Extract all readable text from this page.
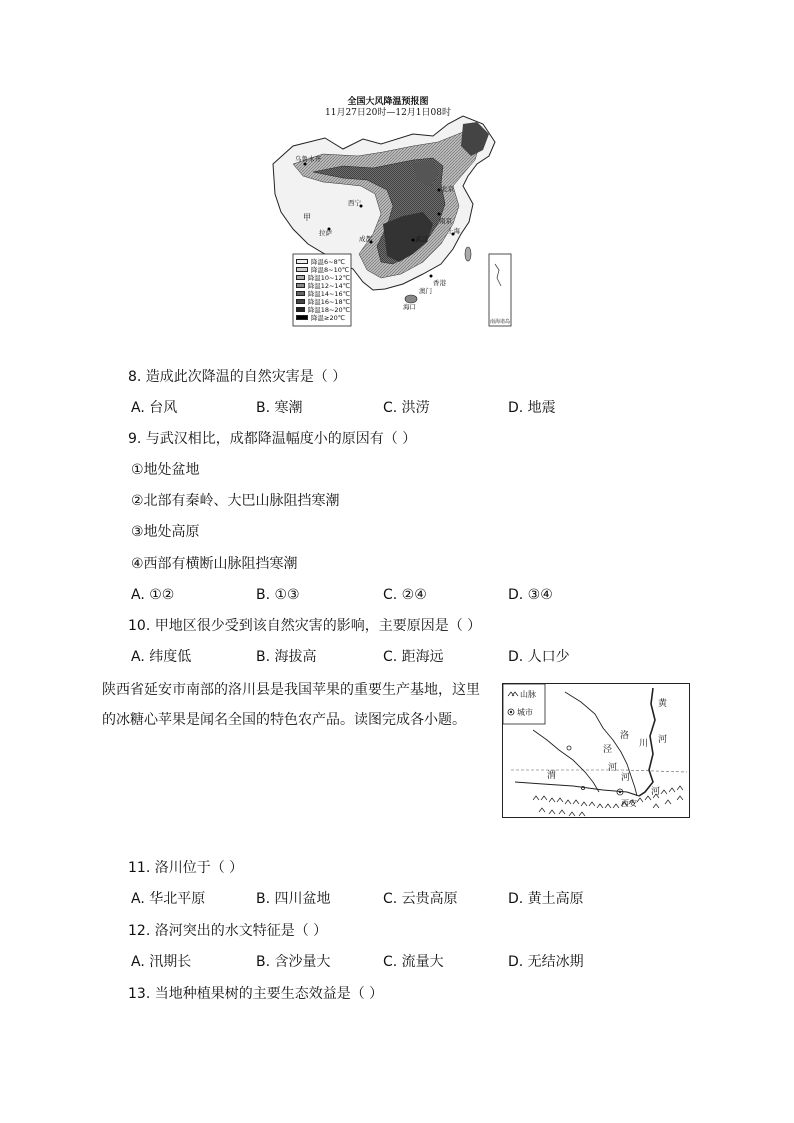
全国大风降温预报图
11月27日20时—12月1日08时
乌鲁木齐
甲
西宁
拉萨
成都	武汉
上海
南京
香港
澳门
海口
北京
降温6~8℃
降温8~10℃
降温10~12℃
降温12~14℃
降温14~16℃
降温16~18℃
降温18~20℃
降温≥20℃
南海诸岛
8. 造成此次降温的自然灾害是（ ）
A. 台风	B. 寒潮	C. 洪涝	D. 地震
9. 与武汉相比，成都降温幅度小的原因有（ ）
①地处盆地
②北部有秦岭、大巴山脉阻挡寒潮
③地处高原
④西部有横断山脉阻挡寒潮
A. ①②	B. ①③	C. ②④	D. ③④
10. 甲地区很少受到该自然灾害的影响，主要原因是（ ）
A. 纬度低	B. 海拔高	C. 距海远	D. 人口少
陕西省延安市南部的洛川县是我国苹果的重要生产基地，这里
的冰糖心苹果是闻名全国的特色农产品。读图完成各小题。
山脉
城市
黄
河
洛
川
泾
河
河
渭
河
西安
11. 洛川位于（ ）
A. 华北平原	B. 四川盆地	C. 云贵高原	D. 黄土高原
12. 洛河突出的水文特征是（ ）
A. 汛期长	B. 含沙量大	C. 流量大	D. 无结冰期
13. 当地种植果树的主要生态效益是（ ）
